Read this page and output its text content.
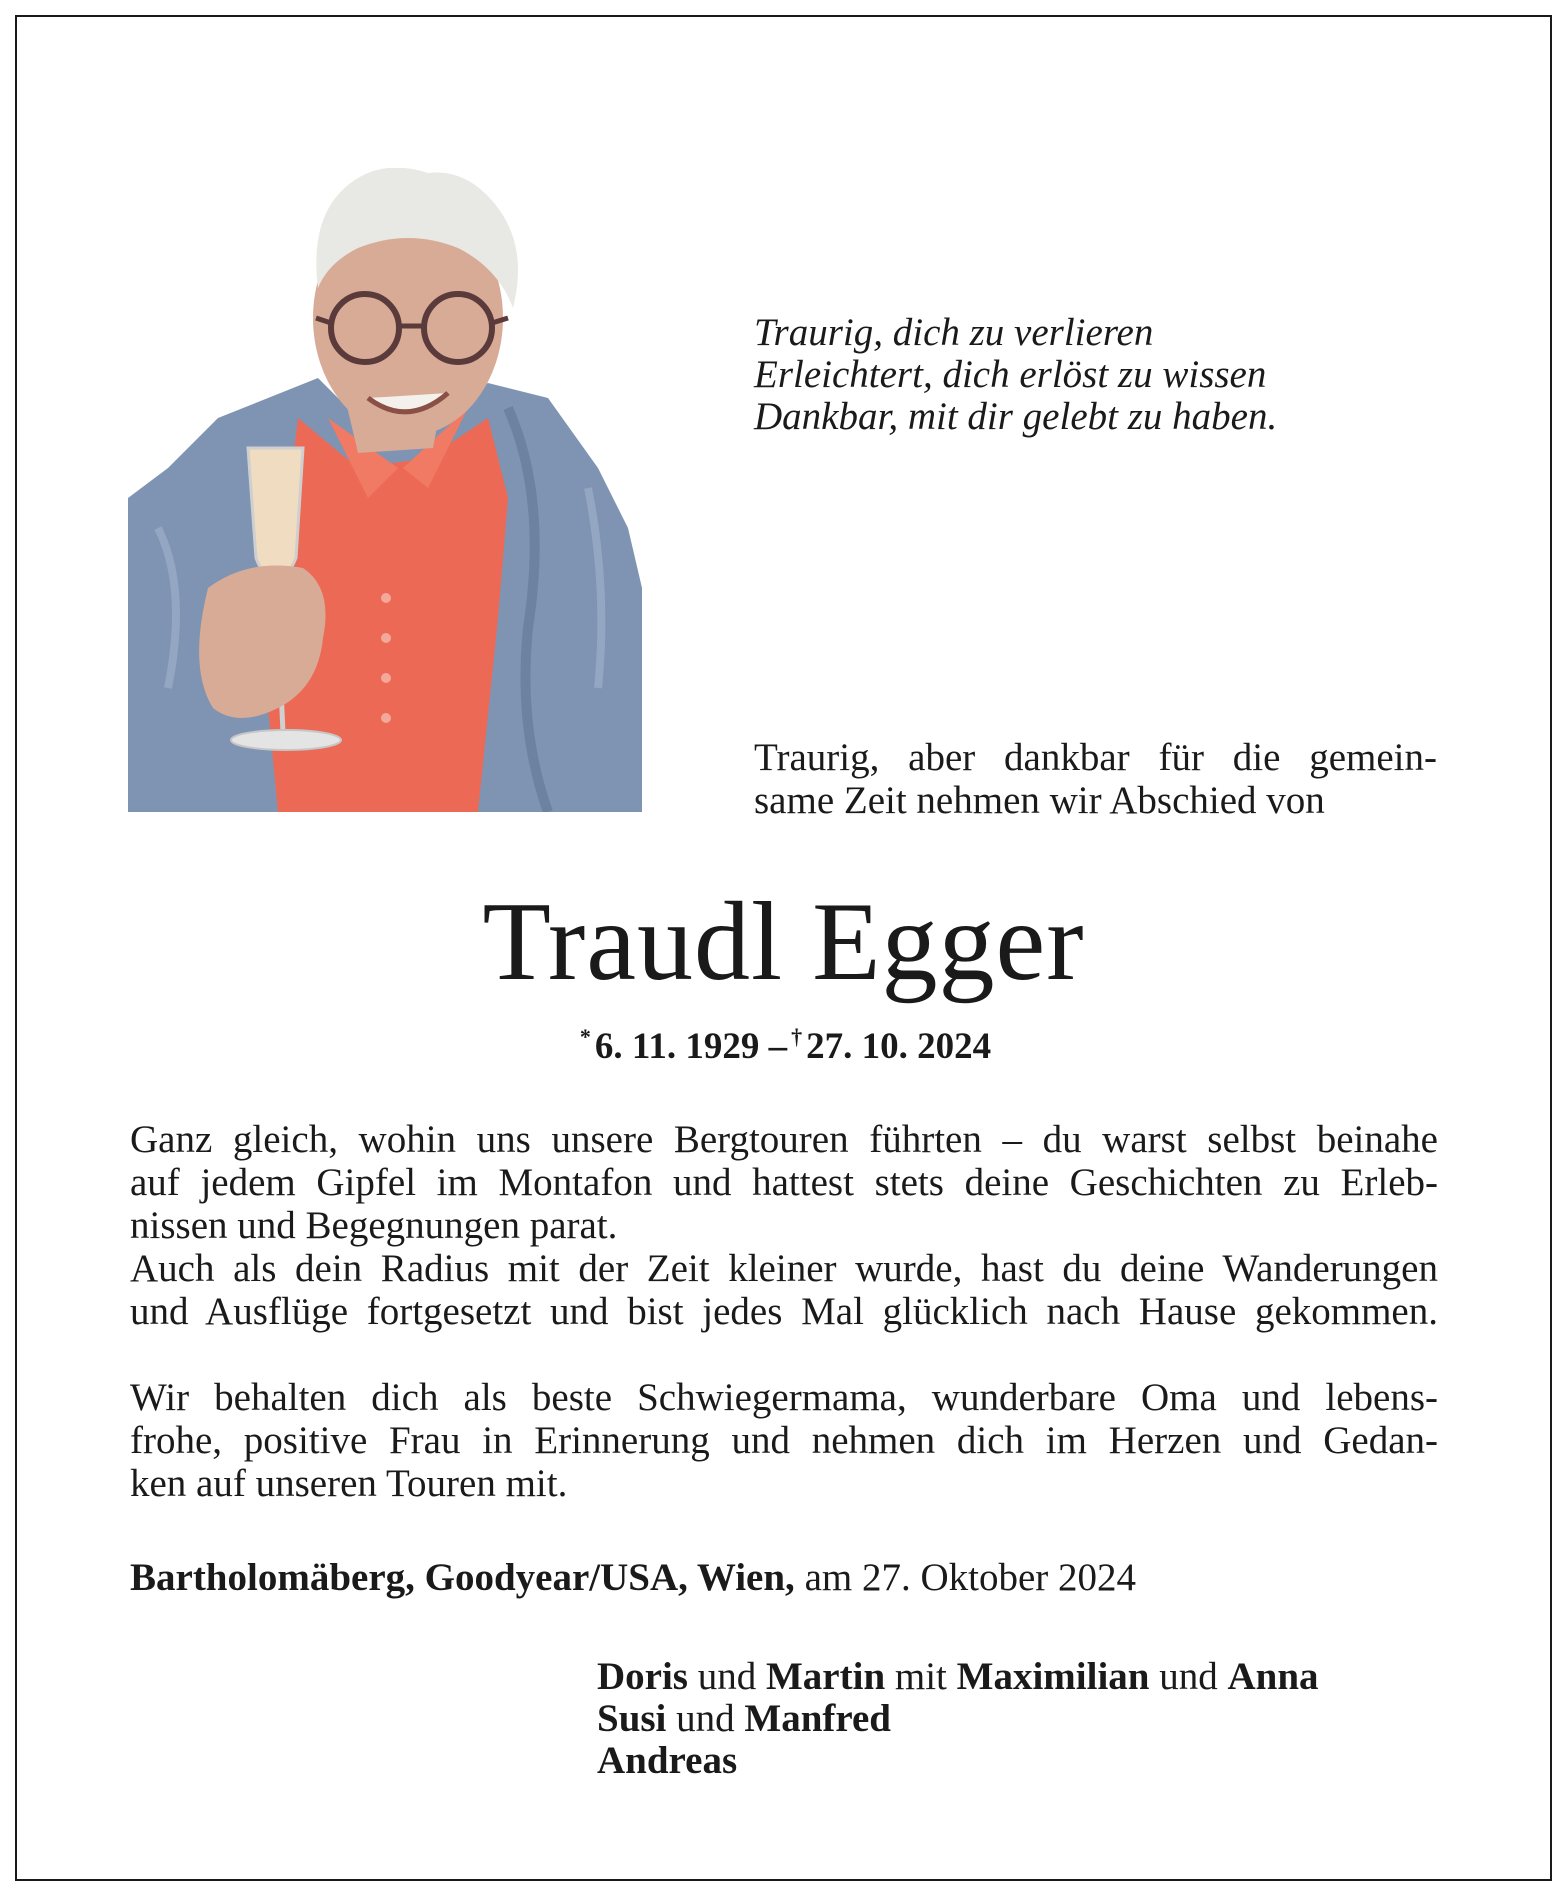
Traurig, dich zu verlieren
Erleichtert, dich erlöst zu wissen
Dankbar, mit dir gelebt zu haben.
Traurig, aber dankbar für die gemein-
same Zeit nehmen wir Abschied von
Traudl Egger
* 6. 11. 1929 – † 27. 10. 2024
Ganz gleich, wohin uns unsere Bergtouren führten – du warst selbst beinahe
auf jedem Gipfel im Montafon und hattest stets deine Geschichten zu Erleb-
nissen und Begegnungen parat.
Auch als dein Radius mit der Zeit kleiner wurde, hast du deine Wanderungen
und Ausflüge fortgesetzt und bist jedes Mal glücklich nach Hause gekommen.
Wir behalten dich als beste Schwiegermama, wunderbare Oma und lebens-
frohe, positive Frau in Erinnerung und nehmen dich im Herzen und Gedan-
ken auf unseren Touren mit.
Bartholomäberg, Goodyear/USA, Wien, am 27. Oktober 2024
Doris und Martin mit Maximilian und Anna
Susi und Manfred
Andreas
